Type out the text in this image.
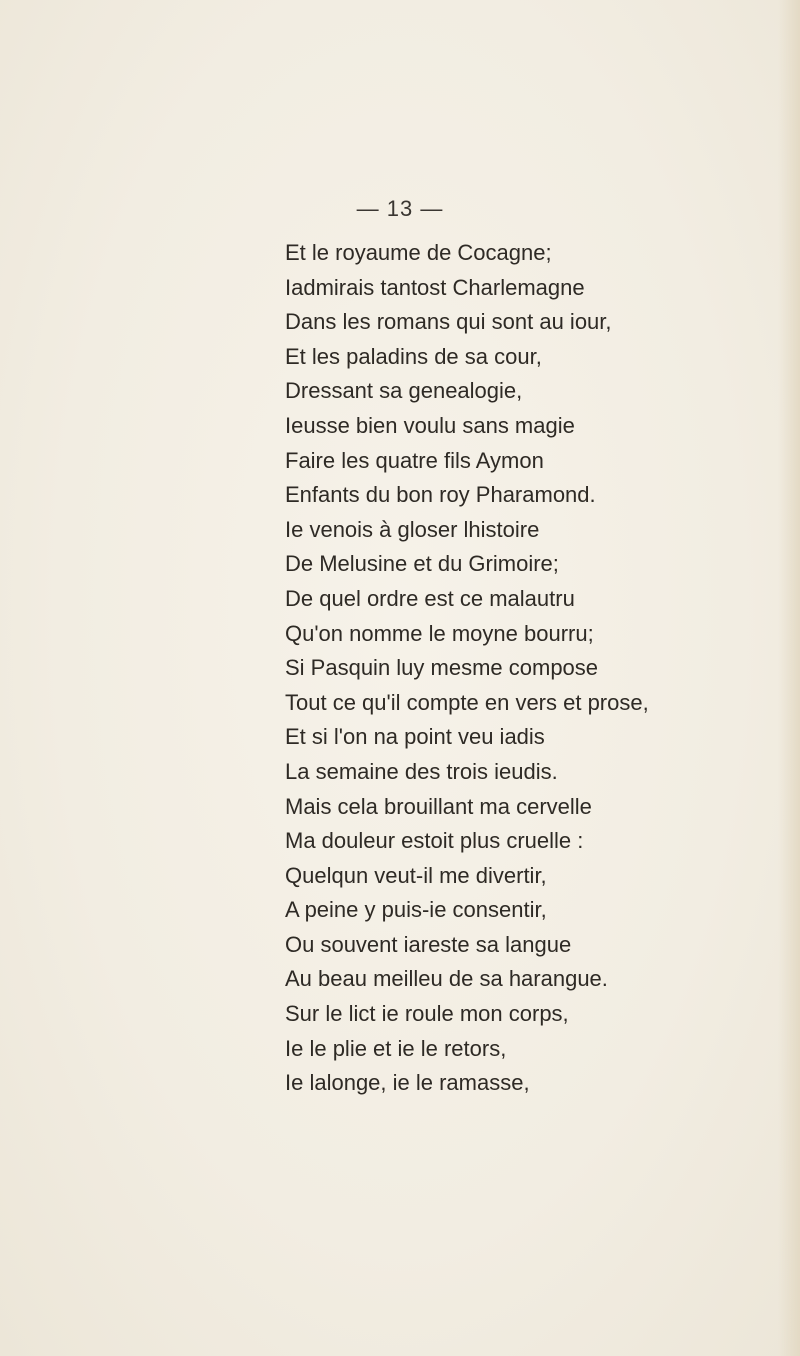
— 13 —

Et le royaume de Cocagne;
Iadmirais tantost Charlemagne
Dans les romans qui sont au iour,
Et les paladins de sa cour,
Dressant sa genealogie,
Ieusse bien voulu sans magie
Faire les quatre fils Aymon
Enfants du bon roy Pharamond.
Ie venois à gloser lhistoire
De Melusine et du Grimoire;
De quel ordre est ce malautru
Qu'on nomme le moyne bourru;
Si Pasquin luy mesme compose
Tout ce qu'il compte en vers et prose,
Et si l'on na point veu iadis
La semaine des trois ieudis.
Mais cela brouillant ma cervelle
Ma douleur estoit plus cruelle :
Quelqun veut-il me divertir,
A peine y puis-ie consentir,
Ou souvent iareste sa langue
Au beau meilleu de sa harangue.
Sur le lict ie roule mon corps,
Ie le plie et ie le retors,
Ie lalonge, ie le ramasse,
